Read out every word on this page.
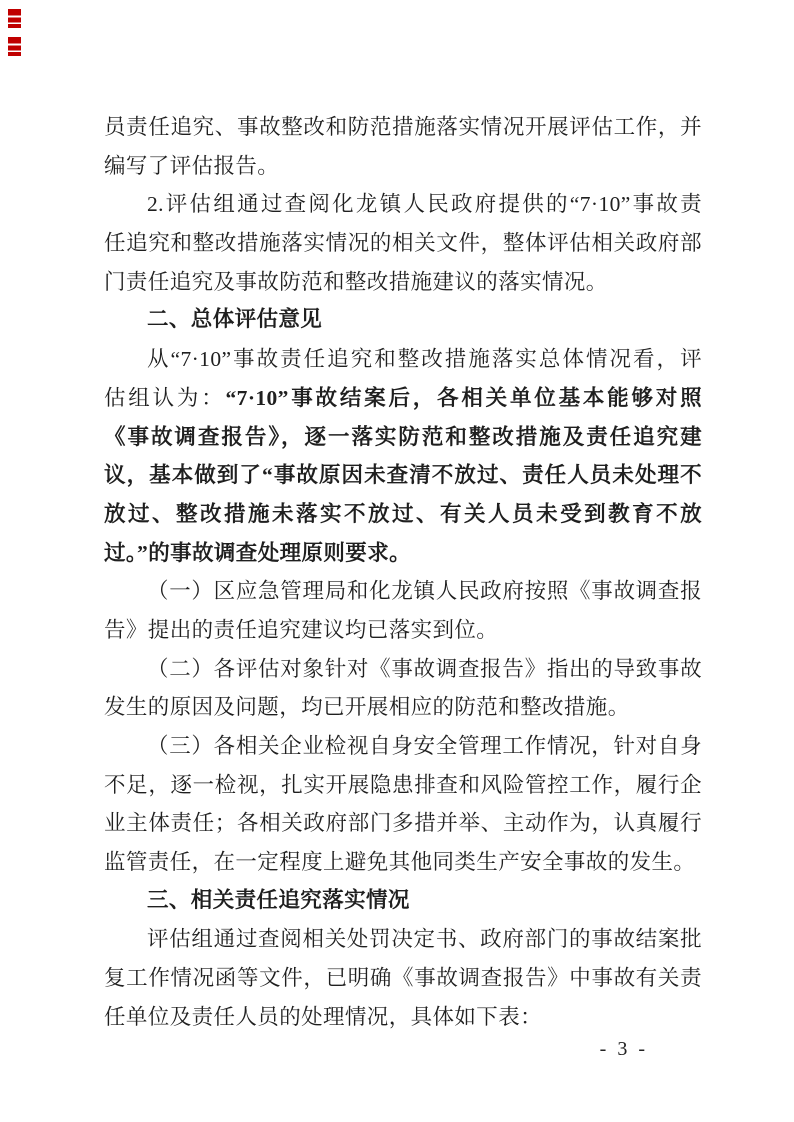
员责任追究、事故整改和防范措施落实情况开展评估工作，并
编写了评估报告。
2.评估组通过查阅化龙镇人民政府提供的“7·10”事故责
任追究和整改措施落实情况的相关文件，整体评估相关政府部
门责任追究及事故防范和整改措施建议的落实情况。
二、总体评估意见
从“7·10”事故责任追究和整改措施落实总体情况看，评
估组认为：“7·10”事故结案后，各相关单位基本能够对照
《事故调查报告》，逐一落实防范和整改措施及责任追究建
议，基本做到了“事故原因未查清不放过、责任人员未处理不
放过、整改措施未落实不放过、有关人员未受到教育不放
过。”的事故调查处理原则要求。
（一）区应急管理局和化龙镇人民政府按照《事故调查报
告》提出的责任追究建议均已落实到位。
（二）各评估对象针对《事故调查报告》指出的导致事故
发生的原因及问题，均已开展相应的防范和整改措施。
（三）各相关企业检视自身安全管理工作情况，针对自身
不足，逐一检视，扎实开展隐患排查和风险管控工作，履行企
业主体责任；各相关政府部门多措并举、主动作为，认真履行
监管责任，在一定程度上避免其他同类生产安全事故的发生。
三、相关责任追究落实情况
评估组通过查阅相关处罚决定书、政府部门的事故结案批
复工作情况函等文件，已明确《事故调查报告》中事故有关责
任单位及责任人员的处理情况，具体如下表：
- 3 -
